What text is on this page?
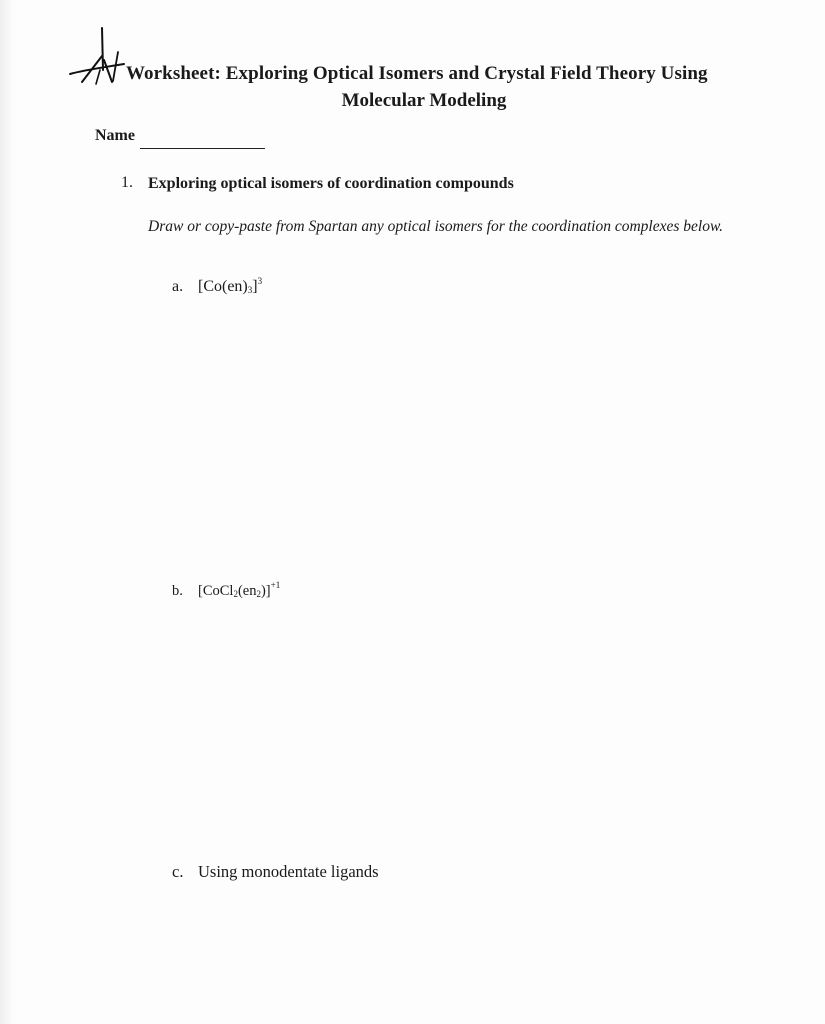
Worksheet: Exploring Optical Isomers and Crystal Field Theory Using
Molecular Modeling
Name
1. Exploring optical isomers of coordination compounds
Draw or copy-paste from Spartan any optical isomers for the coordination complexes below.
a. $[Co(en)_3]^3$
b. $[CoCl_2(en_2)]^{+1}$
c. Using monodentate ligands
